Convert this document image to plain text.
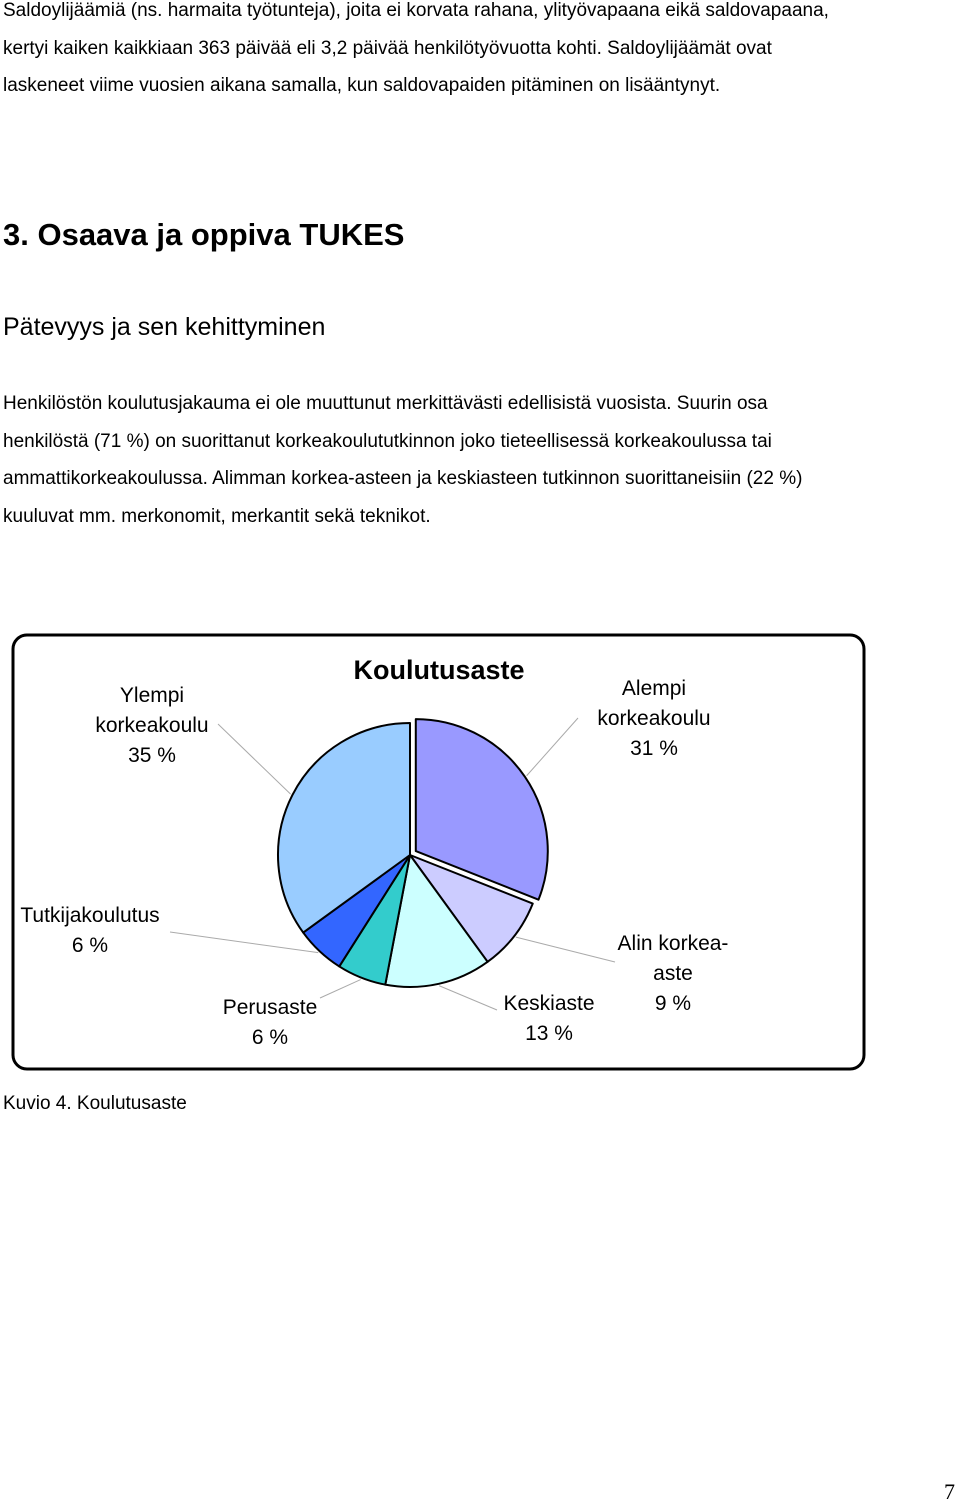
Saldoylijäämiä (ns. harmaita työtunteja), joita ei korvata rahana, ylityövapaana eikä saldovapaana,
kertyi kaiken kaikkiaan 363 päivää eli 3,2 päivää henkilötyövuotta kohti. Saldoylijäämät ovat
laskeneet viime vuosien aikana samalla, kun saldovapaiden pitäminen on lisääntynyt.
3. Osaava ja oppiva TUKES
Pätevyys ja sen kehittyminen
Henkilöstön koulutusjakauma ei ole muuttunut merkittävästi edellisistä vuosista. Suurin osa
henkilöstä (71 %) on suorittanut korkeakoulututkinnon joko tieteellisessä korkeakoulussa tai
ammattikorkeakoulussa. Alimman korkea-asteen ja keskiasteen tutkinnon suorittaneisiin (22 %)
kuuluvat mm. merkonomit, merkantit sekä teknikot.
Koulutusaste
Alempi korkeakoulu 31 %
Alin korkea-aste 9 %
Keskiaste 13 %
Perusaste 6 %
Tutkijakoulutus 6 %
Ylempi korkeakoulu 35 %

Kuvio 4. Koulutusaste

7
